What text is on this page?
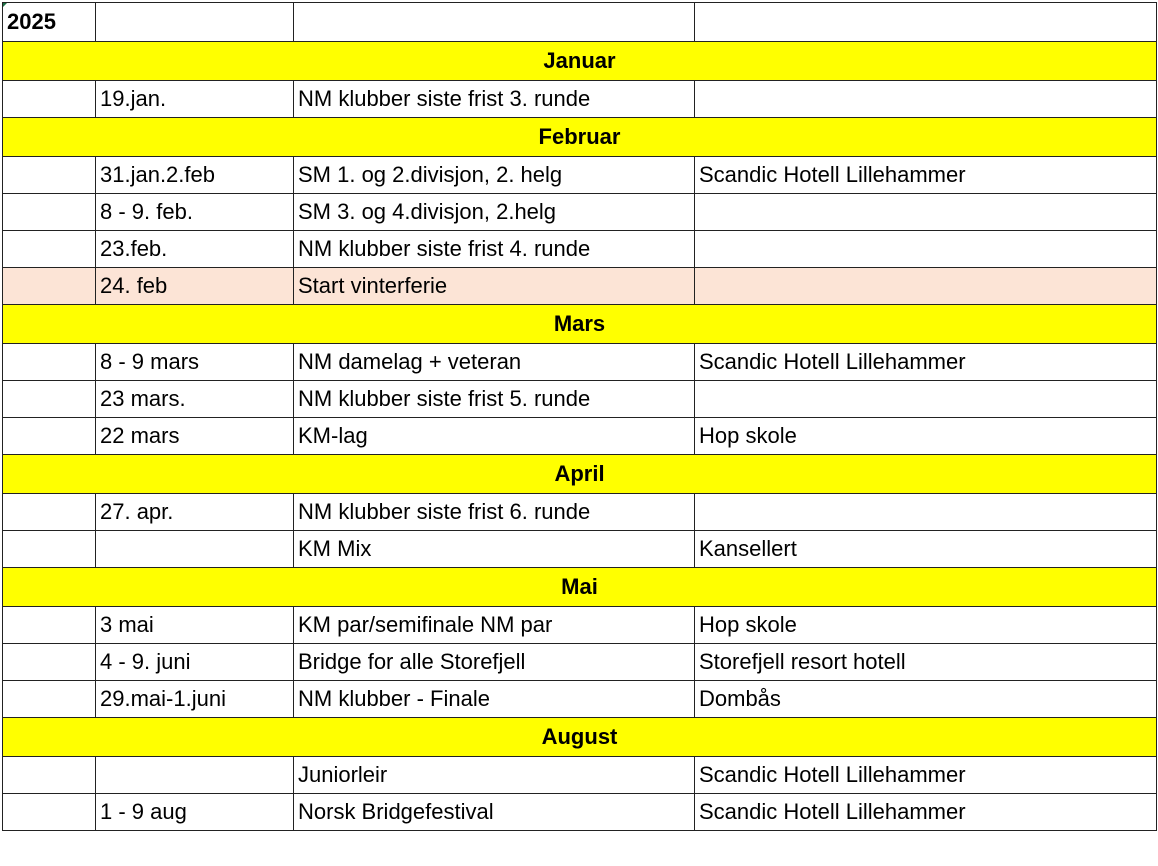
2025			
Januar			
	19.jan.	NM klubber siste frist 3. runde	
Februar			
	31.jan.2.feb	SM 1. og 2.divisjon, 2. helg	Scandic Hotell Lillehammer
	8 - 9. feb.	SM 3. og 4.divisjon, 2.helg	
	23.feb.	NM klubber siste frist 4. runde	
	24. feb	Start vinterferie	
Mars			
	8 - 9 mars	NM damelag + veteran	Scandic Hotell Lillehammer
	23 mars.	NM klubber siste frist 5. runde	
	22 mars	KM-lag	Hop skole
April			
	27. apr.	NM klubber siste frist 6. runde	
		KM Mix	Kansellert
Mai			
	3 mai	KM par/semifinale NM par	Hop skole
	4 - 9. juni	Bridge for alle Storefjell	Storefjell resort hotell
	29.mai-1.juni	NM klubber - Finale	Dombås
August			
		Juniorleir	Scandic Hotell Lillehammer
	1 - 9 aug	Norsk Bridgefestival	Scandic Hotell Lillehammer
